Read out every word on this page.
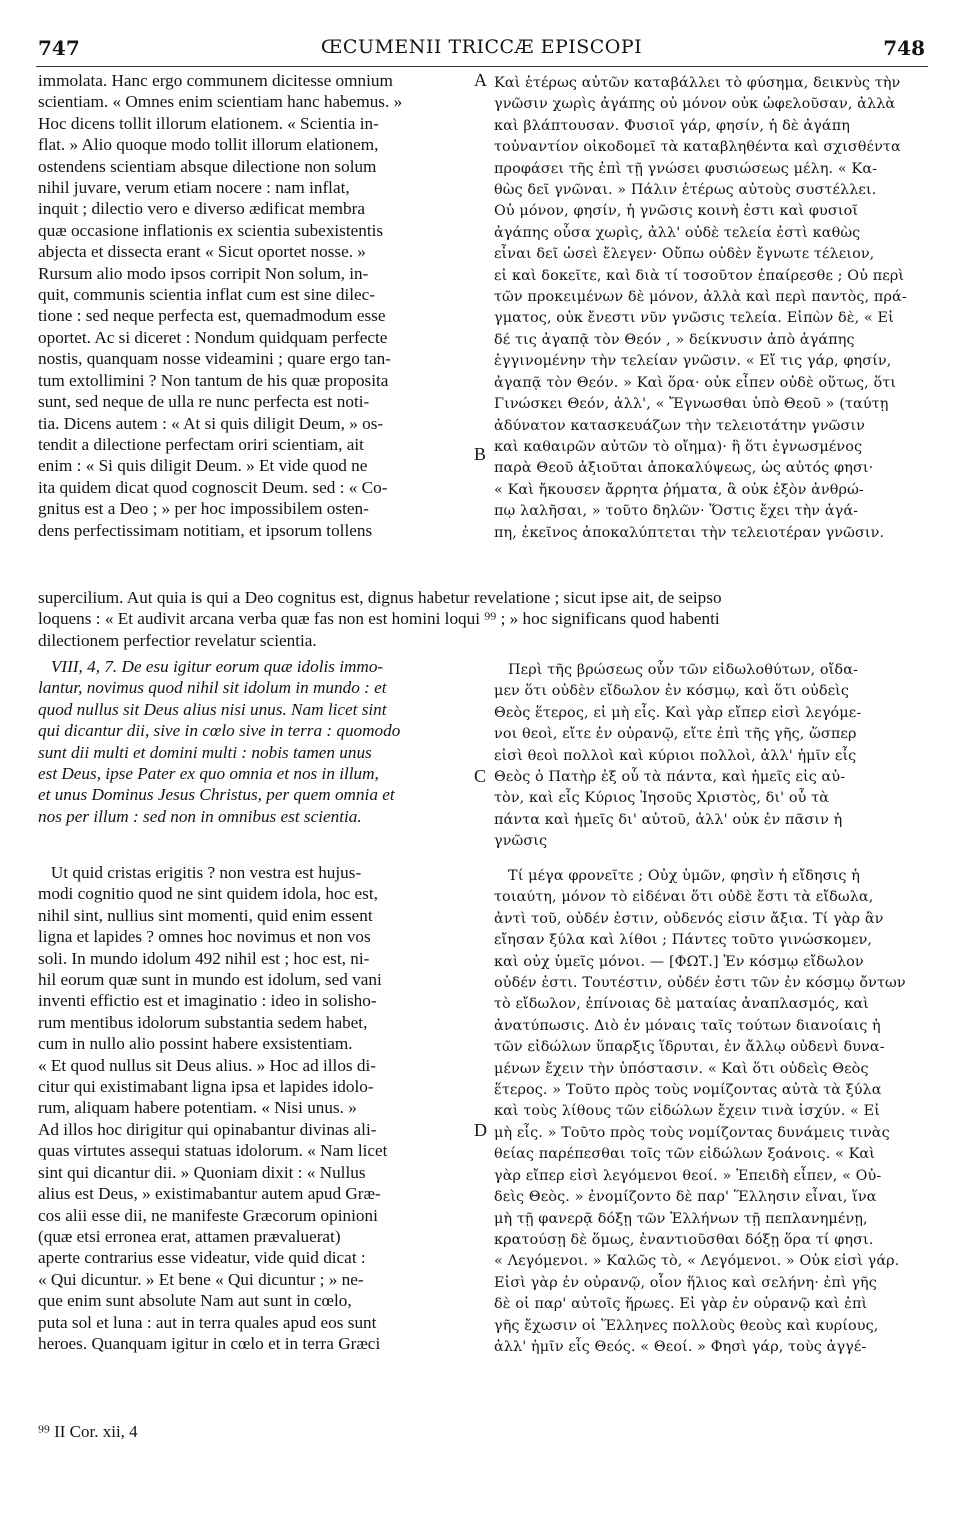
747	ŒCUMENII TRICCÆ EPISCOPI	748
immolata. Hanc ergo communem dicitesse omnium
scientiam. « Omnes enim scientiam hanc habemus. »
Hoc dicens tollit illorum elationem. « Scientia in-
flat. » Alio quoque modo tollit illorum elationem,
ostendens scientiam absque dilectione non solum
nihil juvare, verum etiam nocere : nam inflat,
inquit ; dilectio vero e diverso ædificat membra
quæ occasione inflationis ex scientia subexistentis
abjecta et dissecta erant « Sicut oportet nosse. »
Rursum alio modo ipsos corripit Non solum, in-
quit, communis scientia inflat cum est sine dilec-
tione : sed neque perfecta est, quemadmodum esse
oportet. Ac si diceret : Nondum quidquam perfecte
nostis, quanquam nosse videamini ; quare ergo tan-
tum extollimini ? Non tantum de his quæ proposita
sunt, sed neque de ulla re nunc perfecta est noti-
tia. Dicens autem : « At si quis diligit Deum, » os-
tendit a dilectione perfectam oriri scientiam, ait
enim : « Si quis diligit Deum. » Et vide quod ne
ita quidem dicat quod cognoscit Deum. sed : « Co-
gnitus est a Deo ; » per hoc impossibilem osten-
dens perfectissimam notitiam, et ipsorum tollens
Καὶ ἑτέρως αὐτῶν καταβάλλει τὸ φύσημα, δεικνὺς τὴν
γνῶσιν χωρὶς ἀγάπης οὐ μόνον οὐκ ὠφελοῦσαν, ἀλλὰ
καὶ βλάπτουσαν. Φυσιοῖ γάρ, φησίν, ἡ δὲ ἀγάπη
τοὐναντίον οἰκοδομεῖ τὰ καταβληθέντα καὶ σχισθέντα
προφάσει τῆς ἐπὶ τῇ γνώσει φυσιώσεως μέλη. « Κα-
θὼς δεῖ γνῶναι. » Πάλιν ἑτέρως αὐτοὺς συστέλλει.
Οὐ μόνον, φησίν, ἡ γνῶσις κοινὴ ἐστι καὶ φυσιοῖ
ἀγάπης οὖσα χωρὶς, ἀλλ' οὐδὲ τελεία ἐστὶ καθὼς
εἶναι δεῖ ὡσεὶ ἔλεγεν· Οὔπω οὐδὲν ἔγνωτε τέλειον,
εἰ καὶ δοκεῖτε, καὶ διὰ τί τοσοῦτον ἐπαίρεσθε ; Οὐ περὶ
τῶν προκειμένων δὲ μόνον, ἀλλὰ καὶ περὶ παντὸς, πρά-
γματος, οὐκ ἔνεστι νῦν γνῶσις τελεία. Εἰπὼν δὲ, « Εἰ
δέ τις ἀγαπᾷ τὸν Θεόν , » δείκνυσιν ἀπὸ ἀγάπης
ἐγγινομένην τὴν τελείαν γνῶσιν. « Εἴ τις γάρ, φησίν,
ἀγαπᾷ τὸν Θεόν. » Καὶ ὅρα· οὐκ εἶπεν οὐδὲ οὕτως, ὅτι
Γινώσκει Θεόν, ἀλλ', « Ἔγνωσθαι ὑπὸ Θεοῦ » (ταύτῃ
ἀδύνατον κατασκευάζων τὴν τελειοτάτην γνῶσιν
καὶ καθαιρῶν αὐτῶν τὸ οἴημα)· ἢ ὅτι ἐγνωσμένος
παρὰ Θεοῦ ἀξιοῦται ἀποκαλύψεως, ὡς αὐτός φησι·
« Καὶ ἤκουσεν ἄρρητα ῥήματα, ἃ οὐκ ἐξὸν ἀνθρώ-
πῳ λαλῆσαι, » τοῦτο δηλῶν· Ὅστις ἔχει τὴν ἀγά-
πη, ἐκεῖνος ἀποκαλύπτεται τὴν τελειοτέραν γνῶσιν.
A
B
C
D
supercilium. Aut quia is qui a Deo cognitus est, dignus habetur revelatione ; sicut ipse ait, de seipso
loquens : « Et audivit arcana verba quæ fas non est homini loqui ⁹⁹ ; » hoc significans quod habenti
dilectionem perfectior revelatur scientia.
VIII, 4, 7. De esu igitur eorum quæ idolis immo-
lantur, novimus quod nihil sit idolum in mundo : et
quod nullus sit Deus alius nisi unus. Nam licet sint
qui dicantur dii, sive in cœlo sive in terra : quomodo
sunt dii multi et domini multi : nobis tamen unus
est Deus, ipse Pater ex quo omnia et nos in illum,
et unus Dominus Jesus Christus, per quem omnia et
nos per illum : sed non in omnibus est scientia.
Περὶ τῆς βρώσεως οὖν τῶν εἰδωλοθύτων, οἴδα-
μεν ὅτι οὐδὲν εἴδωλον ἐν κόσμῳ, καὶ ὅτι οὐδεὶς
Θεὸς ἕτερος, εἰ μὴ εἷς. Καὶ γὰρ εἴπερ εἰσὶ λεγόμε-
νοι θεοὶ, εἴτε ἐν οὐρανῷ, εἴτε ἐπὶ τῆς γῆς, ὥσπερ
εἰσὶ θεοὶ πολλοὶ καὶ κύριοι πολλοὶ, ἀλλ' ἡμῖν εἷς
Θεὸς ὁ Πατὴρ ἐξ οὗ τὰ πάντα, καὶ ἡμεῖς εἰς αὐ-
τὸν, καὶ εἷς Κύριος Ἰησοῦς Χριστὸς, δι' οὗ τὰ
πάντα καὶ ἡμεῖς δι' αὐτοῦ, ἀλλ' οὐκ ἐν πᾶσιν ἡ
γνῶσις
Ut quid cristas erigitis ? non vestra est hujus-
modi cognitio quod ne sint quidem idola, hoc est,
nihil sint, nullius sint momenti, quid enim essent
ligna et lapides ? omnes hoc novimus et non vos
soli. In mundo idolum 492 nihil est ; hoc est, ni-
hil eorum quæ sunt in mundo est idolum, sed vani
inventi effictio est et imaginatio : ideo in solisho-
rum mentibus idolorum substantia sedem habet,
cum in nullo alio possint habere exsistentiam.
« Et quod nullus sit Deus alius. » Hoc ad illos di-
citur qui existimabant ligna ipsa et lapides idolo-
rum, aliquam habere potentiam. « Nisi unus. »
Ad illos hoc dirigitur qui opinabantur divinas ali-
quas virtutes assequi statuas idolorum. « Nam licet
sint qui dicantur dii. » Quoniam dixit : « Nullus
alius est Deus, » existimabantur autem apud Græ-
cos alii esse dii, ne manifeste Græcorum opinioni
(quæ etsi erronea erat, attamen prævaluerat)
aperte contrarius esse videatur, vide quid dicat :
« Qui dicuntur. » Et bene « Qui dicuntur ; » ne-
que enim sunt absolute Nam aut sunt in cœlo,
puta sol et luna : aut in terra quales apud eos sunt
heroes. Quanquam igitur in cœlo et in terra Græci
Τί μέγα φρονεῖτε ; Οὐχ ὑμῶν, φησὶν ἡ εἴδησις ἡ
τοιαύτη, μόνον τὸ εἰδέναι ὅτι οὐδὲ ἔστι τὰ εἴδωλα,
ἀντὶ τοῦ, οὐδέν ἐστιν, οὐδενός εἰσιν ἄξια. Τί γὰρ ἂν
εἴησαν ξύλα καὶ λίθοι ; Πάντες τοῦτο γινώσκομεν,
καὶ οὐχ ὑμεῖς μόνοι. — [ΦΩΤ.] Ἐν κόσμῳ εἴδωλον
οὐδέν ἐστι. Τουτέστιν, οὐδέν ἐστι τῶν ἐν κόσμῳ ὄντων
τὸ εἴδωλον, ἐπίνοιας δὲ ματαίας ἀναπλασμός, καὶ
ἀνατύπωσις. Διὸ ἐν μόναις ταῖς τούτων διανοίαις ἡ
τῶν εἰδώλων ὕπαρξις ἵδρυται, ἐν ἄλλῳ οὐδενὶ δυνα-
μένων ἔχειν τὴν ὑπόστασιν. « Καὶ ὅτι οὐδεὶς Θεὸς
ἕτερος. » Τοῦτο πρὸς τοὺς νομίζοντας αὐτὰ τὰ ξύλα
καὶ τοὺς λίθους τῶν εἰδώλων ἔχειν τινὰ ἰσχύν. « Εἰ
μὴ εἷς. » Τοῦτο πρὸς τοὺς νομίζοντας δυνάμεις τινὰς
θείας παρέπεσθαι τοῖς τῶν εἰδώλων ξοάνοις. « Καὶ
γὰρ εἴπερ εἰσὶ λεγόμενοι θεοί. » Ἐπειδὴ εἶπεν, « Οὐ-
δεὶς Θεὸς. » ἐνομίζοντο δὲ παρ' Ἕλλησιν εἶναι, ἵνα
μὴ τῇ φανερᾷ δόξῃ τῶν Ἑλλήνων τῇ πεπλανημένῃ,
κρατούσῃ δὲ ὅμως, ἐναντιοῦσθαι δόξῃ ὅρα τί φησι.
« Λεγόμενοι. » Καλῶς τὸ, « Λεγόμενοι. » Οὐκ εἰσὶ γάρ.
Εἰσὶ γὰρ ἐν οὐρανῷ, οἷον ἥλιος καὶ σελήνη· ἐπὶ γῆς
δὲ οἱ παρ' αὐτοῖς ἥρωες. Εἰ γὰρ ἐν οὐρανῷ καὶ ἐπὶ
γῆς ἔχωσιν οἱ Ἕλληνες πολλοὺς θεοὺς καὶ κυρίους,
ἀλλ' ἡμῖν εἷς Θεός. « Θεοί. » Φησὶ γάρ, τοὺς ἀγγέ-
⁹⁹ II Cor. xii, 4
